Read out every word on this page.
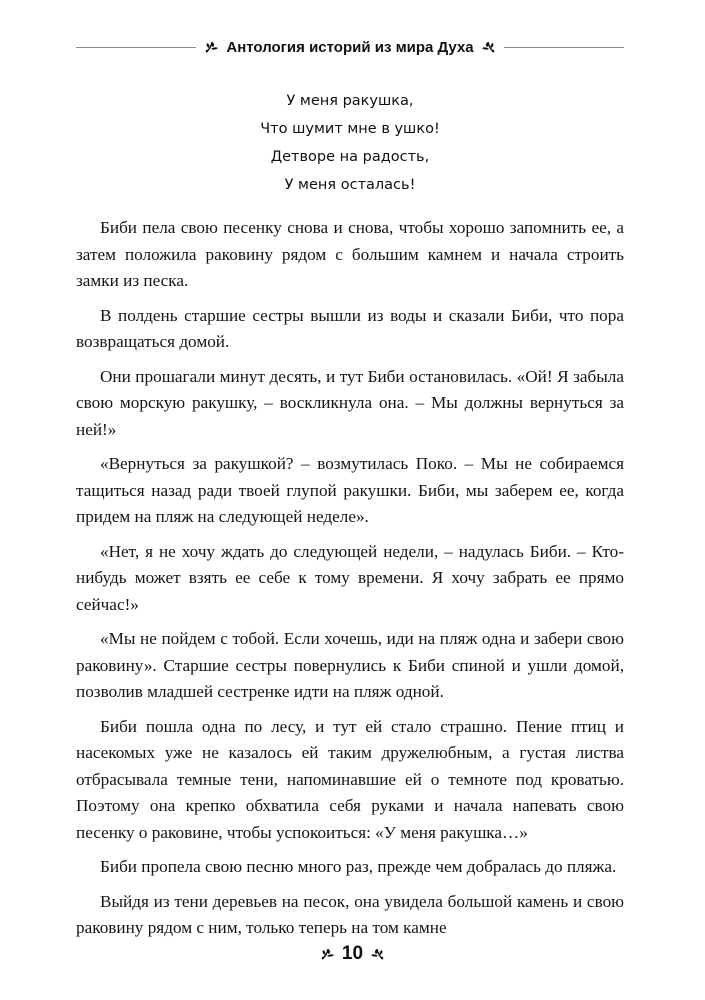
Антология историй из мира Духа
У меня ракушка,
Что шумит мне в ушко!
Детворе на радость,
У меня осталась!

Биби пела свою песенку снова и снова, чтобы хорошо запомнить ее, а затем положила раковину рядом с большим камнем и начала строить замки из песка.

В полдень старшие сестры вышли из воды и сказали Биби, что пора возвращаться домой.

Они прошагали минут десять, и тут Биби остановилась. «Ой! Я забыла свою морскую ракушку, – воскликнула она. – Мы должны вернуться за ней!»

«Вернуться за ракушкой? – возмутилась Поко. – Мы не собираемся тащиться назад ради твоей глупой ракушки. Биби, мы заберем ее, когда придем на пляж на следующей неделе».

«Нет, я не хочу ждать до следующей недели, – надулась Биби. – Кто-нибудь может взять ее себе к тому времени. Я хочу забрать ее прямо сейчас!»

«Мы не пойдем с тобой. Если хочешь, иди на пляж одна и забери свою раковину». Старшие сестры повернулись к Биби спиной и ушли домой, позволив младшей сестренке идти на пляж одной.

Биби пошла одна по лесу, и тут ей стало страшно. Пение птиц и насекомых уже не казалось ей таким дружелюбным, а густая листва отбрасывала темные тени, напоминавшие ей о темноте под кроватью. Поэтому она крепко обхватила себя руками и начала напевать свою песенку о раковине, чтобы успокоиться: «У меня ракушка…»

Биби пропела свою песню много раз, прежде чем добралась до пляжа.

Выйдя из тени деревьев на песок, она увидела большой камень и свою раковину рядом с ним, только теперь на том камне

10
